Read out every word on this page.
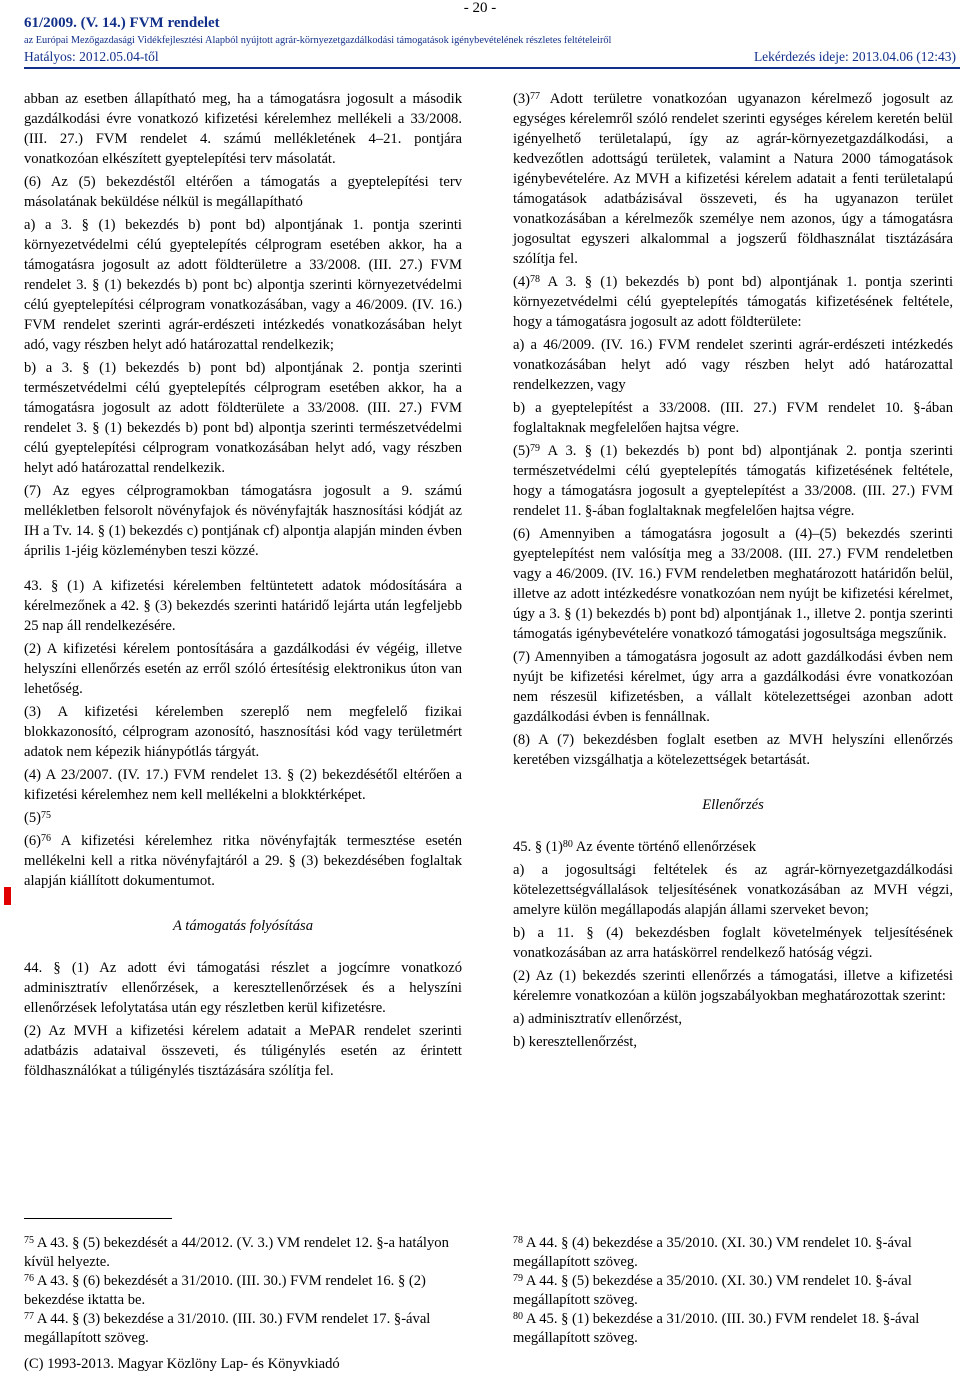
- 20 -
61/2009. (V. 14.) FVM rendelet
az Európai Mezőgazdasági Vidékfejlesztési Alapból nyújtott agrár-környezetgazdálkodási támogatások igénybevételének részletes feltételeiről
Hatályos: 2012.05.04-től	Lekérdezés ideje: 2013.04.06 (12:43)

abban az esetben állapítható meg, ha a támogatásra jogosult a második gazdálkodási évre vonatkozó kifizetési kérelemhez mellékeli a 33/2008. (III. 27.) FVM rendelet 4. számú mellékletének 4–21. pontjára vonatkozóan elkészített gyeptelepítési terv másolatát.

(6) Az (5) bekezdéstől eltérően a támogatás a gyeptelepítési terv másolatának beküldése nélkül is megállapítható

a) a 3. § (1) bekezdés b) pont bd) alpontjának 1. pontja szerinti környezetvédelmi célú gyeptelepítés célprogram esetében akkor, ha a támogatásra jogosult az adott földterületre a 33/2008. (III. 27.) FVM rendelet 3. § (1) bekezdés b) pont bc) alpontja szerinti környezetvédelmi célú gyeptelepítési célprogram vonatkozásában, vagy a 46/2009. (IV. 16.) FVM rendelet szerinti agrár-erdészeti intézkedés vonatkozásában helyt adó, vagy részben helyt adó határozattal rendelkezik;

b) a 3. § (1) bekezdés b) pont bd) alpontjának 2. pontja szerinti természetvédelmi célú gyeptelepítés célprogram esetében akkor, ha a támogatásra jogosult az adott földterülete a 33/2008. (III. 27.) FVM rendelet 3. § (1) bekezdés b) pont bd) alpontja szerinti természetvédelmi célú gyeptelepítési célprogram vonatkozásában helyt adó, vagy részben helyt adó határozattal rendelkezik.

(7) Az egyes célprogramokban támogatásra jogosult a 9. számú mellékletben felsorolt növényfajok és növényfajták hasznosítási kódját az IH a Tv. 14. § (1) bekezdés c) pontjának cf) alpontja alapján minden évben április 1-jéig közleményben teszi közzé.

43. § (1) A kifizetési kérelemben feltüntetett adatok módosítására a kérelmezőnek a 42. § (3) bekezdés szerinti határidő lejárta után legfeljebb 25 nap áll rendelkezésére.

(2) A kifizetési kérelem pontosítására a gazdálkodási év végéig, illetve helyszíni ellenőrzés esetén az erről szóló értesítésig elektronikus úton van lehetőség.

(3) A kifizetési kérelemben szereplő nem megfelelő fizikai blokkazonosító, célprogram azonosító, hasznosítási kód vagy területmért adatok nem képezik hiánypótlás tárgyát.

(4) A 23/2007. (IV. 17.) FVM rendelet 13. § (2) bekezdésétől eltérően a kifizetési kérelemhez nem kell mellékelni a blokktérképet.

$(5)^{75}$

$(6)^{76}$ A kifizetési kérelemhez ritka növényfajták termesztése esetén mellékelni kell a ritka növényfajtáról a 29. § (3) bekezdésében foglaltak alapján kiállított dokumentumot.

A támogatás folyósítása

44. § (1) Az adott évi támogatási részlet a jogcímre vonatkozó adminisztratív ellenőrzések, a keresztellenőrzések és a helyszíni ellenőrzések lefolytatása után egy részletben kerül kifizetésre.

(2) Az MVH a kifizetési kérelem adatait a MePAR rendelet szerinti adatbázis adataival összeveti, és túligénylés esetén az érintett földhasználókat a túligénylés tisztázására szólítja fel.

$(3)^{77}$ Adott területre vonatkozóan ugyanazon kérelmező jogosult az egységes kérelemről szóló rendelet szerinti egységes kérelem keretén belül igényelhető területalapú, így az agrár-környezetgazdálkodási, a kedvezőtlen adottságú területek, valamint a Natura 2000 támogatások igénybevételére. Az MVH a kifizetési kérelem adatait a fenti területalapú támogatások adatbázisával összeveti, és ha ugyanazon terület vonatkozásában a kérelmezők személye nem azonos, úgy a támogatásra jogosultat egyszeri alkalommal a jogszerű földhasználat tisztázására szólítja fel.

$(4)^{78}$ A 3. § (1) bekezdés b) pont bd) alpontjának 1. pontja szerinti környezetvédelmi célú gyeptelepítés támogatás kifizetésének feltétele, hogy a támogatásra jogosult az adott földterülete:

a) a 46/2009. (IV. 16.) FVM rendelet szerinti agrár-erdészeti intézkedés vonatkozásában helyt adó vagy részben helyt adó határozattal rendelkezzen, vagy

b) a gyeptelepítést a 33/2008. (III. 27.) FVM rendelet 10. §-ában foglaltaknak megfelelően hajtsa végre.

$(5)^{79}$ A 3. § (1) bekezdés b) pont bd) alpontjának 2. pontja szerinti természetvédelmi célú gyeptelepítés támogatás kifizetésének feltétele, hogy a támogatásra jogosult a gyeptelepítést a 33/2008. (III. 27.) FVM rendelet 11. §-ában foglaltaknak megfelelően hajtsa végre.

(6) Amennyiben a támogatásra jogosult a (4)–(5) bekezdés szerinti gyeptelepítést nem valósítja meg a 33/2008. (III. 27.) FVM rendeletben vagy a 46/2009. (IV. 16.) FVM rendeletben meghatározott határidőn belül, illetve az adott intézkedésre vonatkozóan nem nyújt be kifizetési kérelmet, úgy a 3. § (1) bekezdés b) pont bd) alpontjának 1., illetve 2. pontja szerinti támogatás igénybevételére vonatkozó támogatási jogosultsága megszűnik.

(7) Amennyiben a támogatásra jogosult az adott gazdálkodási évben nem nyújt be kifizetési kérelmet, úgy arra a gazdálkodási évre vonatkozóan nem részesül kifizetésben, a vállalt kötelezettségei azonban adott gazdálkodási évben is fennállnak.

(8) A (7) bekezdésben foglalt esetben az MVH helyszíni ellenőrzés keretében vizsgálhatja a kötelezettségek betartását.

Ellenőrzés

45. § $(1)^{80}$ Az évente történő ellenőrzések

a) a jogosultsági feltételek és az agrár-környezetgazdálkodási kötelezettségvállalások teljesítésének vonatkozásában az MVH végzi, amelyre külön megállapodás alapján állami szerveket bevon;

b) a 11. § (4) bekezdésben foglalt követelmények teljesítésének vonatkozásában az arra hatáskörrel rendelkező hatóság végzi.

(2) Az (1) bekezdés szerinti ellenőrzés a támogatási, illetve a kifizetési kérelemre vonatkozóan a külön jogszabályokban meghatározottak szerint:

a) adminisztratív ellenőrzést,

b) keresztellenőrzést,

$^{75}$ A 43. § (5) bekezdését a 44/2012. (V. 3.) VM rendelet 12. §-a hatályon kívül helyezte.

$^{76}$ A 43. § (6) bekezdését a 31/2010. (III. 30.) FVM rendelet 16. § (2) bekezdése iktatta be.

$^{77}$ A 44. § (3) bekezdése a 31/2010. (III. 30.) FVM rendelet 17. §-ával megállapított szöveg.

$^{78}$ A 44. § (4) bekezdése a 35/2010. (XI. 30.) VM rendelet 10. §-ával megállapított szöveg.

$^{79}$ A 44. § (5) bekezdése a 35/2010. (XI. 30.) VM rendelet 10. §-ával megállapított szöveg.

$^{80}$ A 45. § (1) bekezdése a 31/2010. (III. 30.) FVM rendelet 18. §-ával megállapított szöveg.

(C) 1993-2013. Magyar Közlöny Lap- és Könyvkiadó
